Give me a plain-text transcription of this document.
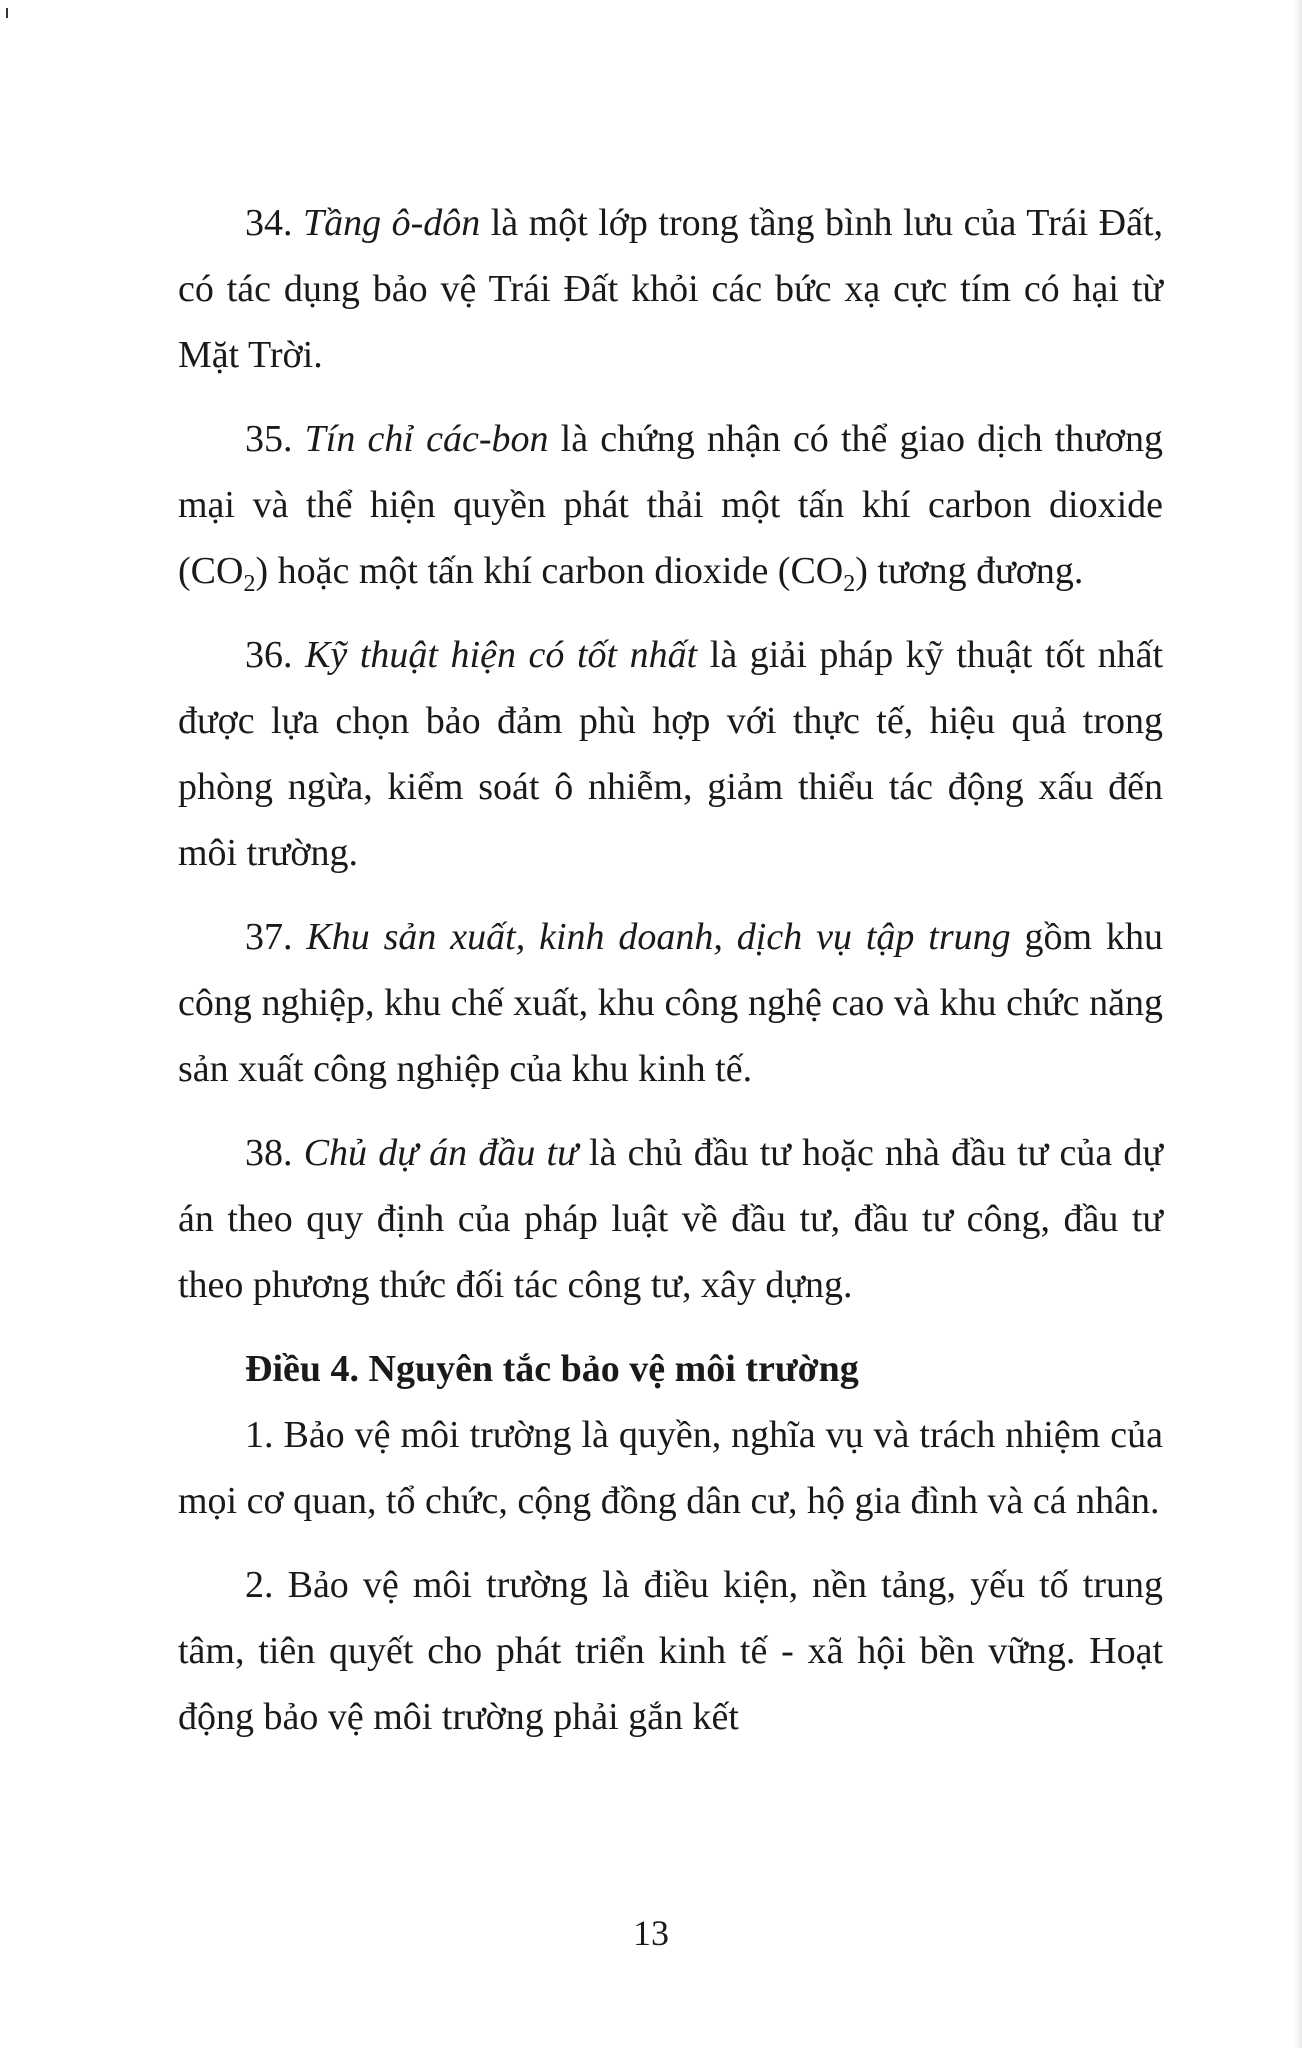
34. Tầng ô-dôn là một lớp trong tầng bình lưu của Trái Đất, có tác dụng bảo vệ Trái Đất khỏi các bức xạ cực tím có hại từ Mặt Trời.

35. Tín chỉ các-bon là chứng nhận có thể giao dịch thương mại và thể hiện quyền phát thải một tấn khí carbon dioxide $(CO_2)$ hoặc một tấn khí carbon dioxide $(CO_2)$ tương đương.

36. Kỹ thuật hiện có tốt nhất là giải pháp kỹ thuật tốt nhất được lựa chọn bảo đảm phù hợp với thực tế, hiệu quả trong phòng ngừa, kiểm soát ô nhiễm, giảm thiểu tác động xấu đến môi trường.

37. Khu sản xuất, kinh doanh, dịch vụ tập trung gồm khu công nghiệp, khu chế xuất, khu công nghệ cao và khu chức năng sản xuất công nghiệp của khu kinh tế.

38. Chủ dự án đầu tư là chủ đầu tư hoặc nhà đầu tư của dự án theo quy định của pháp luật về đầu tư, đầu tư công, đầu tư theo phương thức đối tác công tư, xây dựng.

Điều 4. Nguyên tắc bảo vệ môi trường

1. Bảo vệ môi trường là quyền, nghĩa vụ và trách nhiệm của mọi cơ quan, tổ chức, cộng đồng dân cư, hộ gia đình và cá nhân.

2. Bảo vệ môi trường là điều kiện, nền tảng, yếu tố trung tâm, tiên quyết cho phát triển kinh tế - xã hội bền vững. Hoạt động bảo vệ môi trường phải gắn kết

13
